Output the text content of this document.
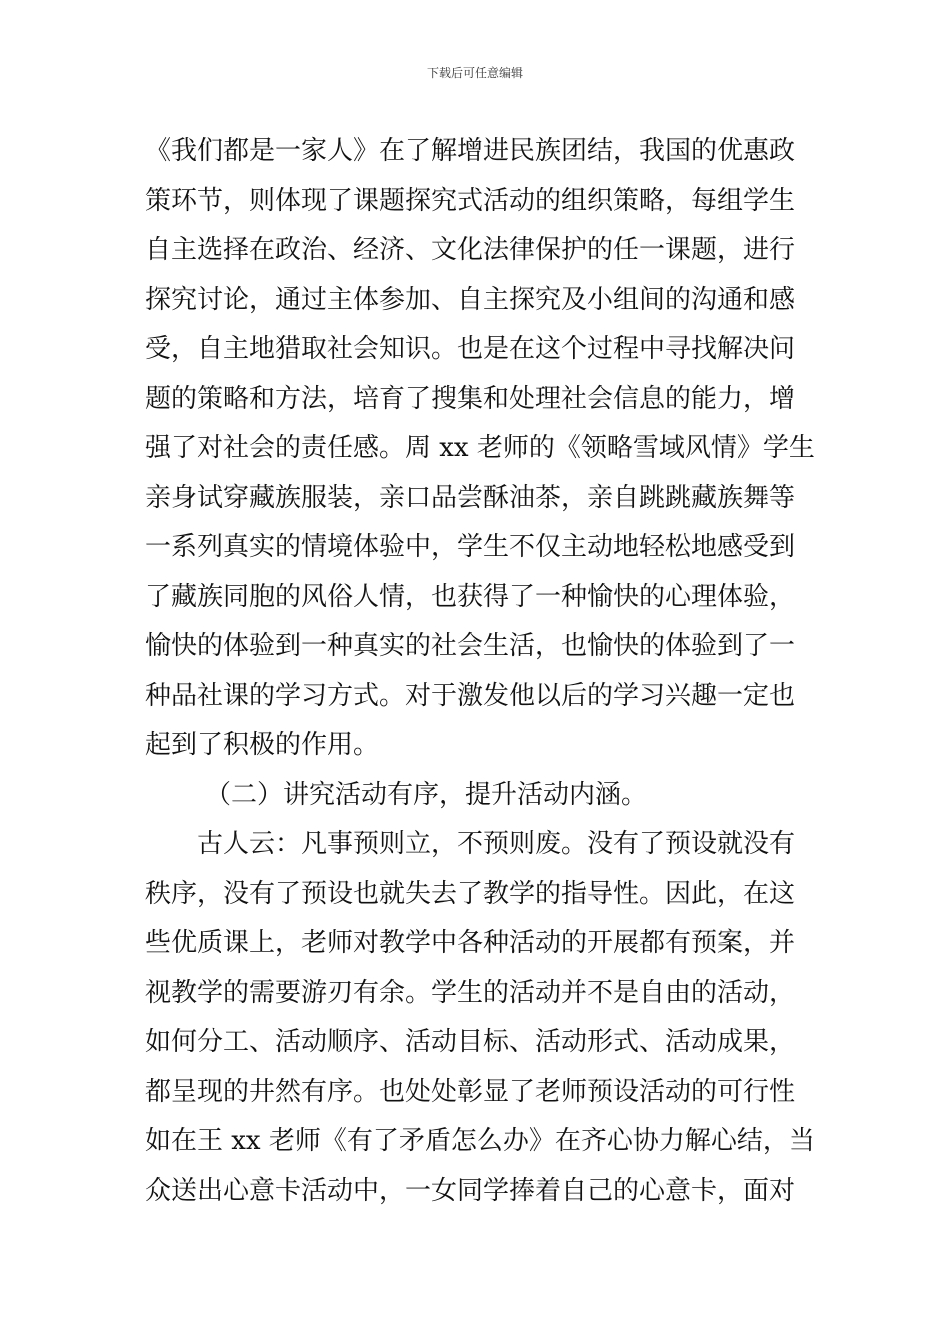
下载后可任意编辑
《我们都是一家人》在了解增进民族团结，我国的优惠政
策环节，则体现了课题探究式活动的组织策略，每组学生
自主选择在政治、经济、文化法律保护的任一课题，进行
探究讨论，通过主体参加、自主探究及小组间的沟通和感
受，自主地猎取社会知识。也是在这个过程中寻找解决问
题的策略和方法，培育了搜集和处理社会信息的能力，增
强了对社会的责任感。周 xx 老师的《领略雪域风情》学生
亲身试穿藏族服装，亲口品尝酥油茶，亲自跳跳藏族舞等
一系列真实的情境体验中，学生不仅主动地轻松地感受到
了藏族同胞的风俗人情，也获得了一种愉快的心理体验，
愉快的体验到一种真实的社会生活，也愉快的体验到了一
种品社课的学习方式。对于激发他以后的学习兴趣一定也
起到了积极的作用。
（二）讲究活动有序，提升活动内涵。
古人云：凡事预则立，不预则废。没有了预设就没有
秩序，没有了预设也就失去了教学的指导性。因此，在这
些优质课上，老师对教学中各种活动的开展都有预案，并
视教学的需要游刃有余。学生的活动并不是自由的活动，
如何分工、活动顺序、活动目标、活动形式、活动成果，
都呈现的井然有序。也处处彰显了老师预设活动的可行性
如在王 xx 老师《有了矛盾怎么办》在齐心协力解心结，当
众送出心意卡活动中，一女同学捧着自己的心意卡，面对
